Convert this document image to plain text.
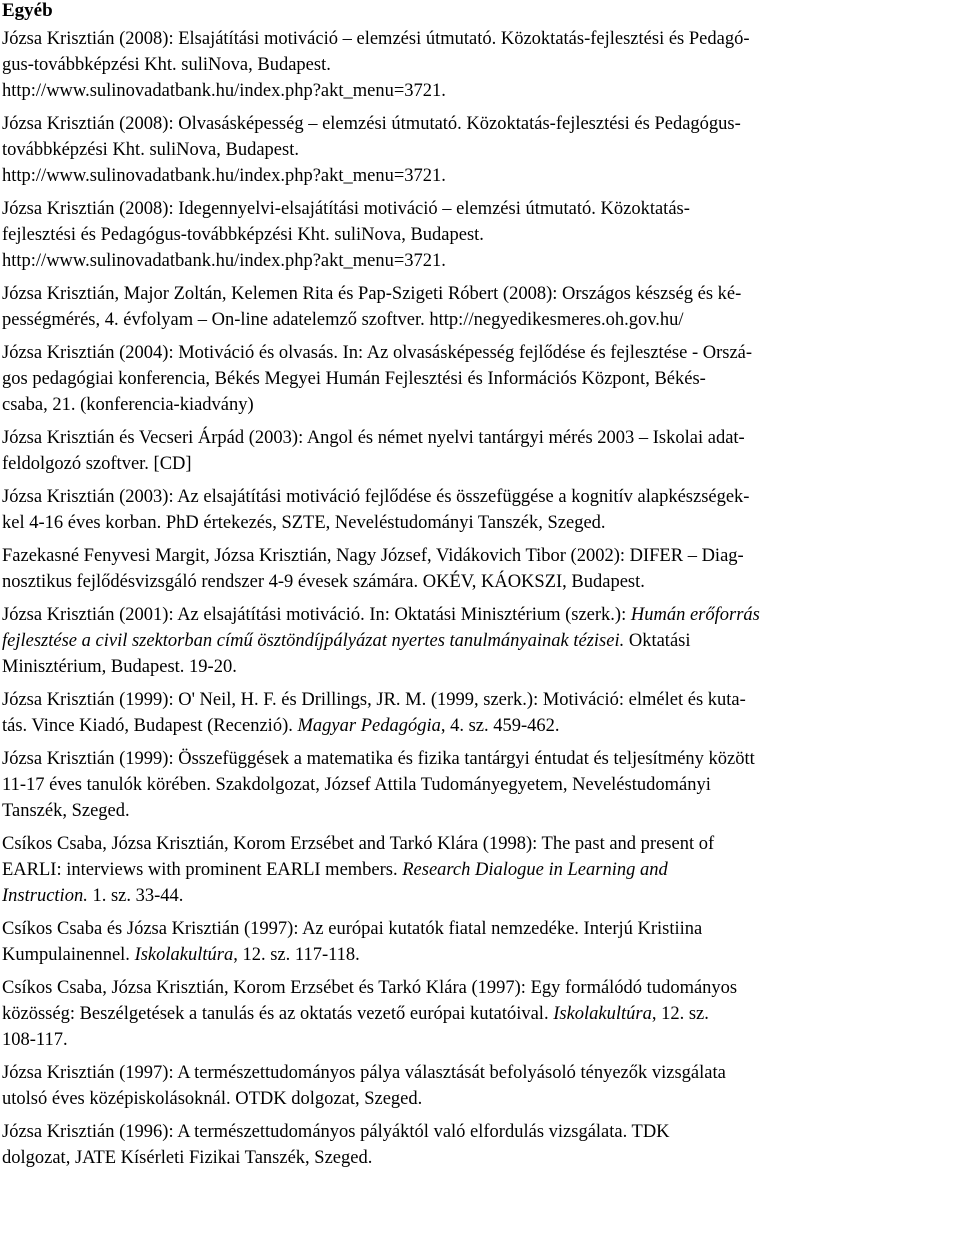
Egyéb

Józsa Krisztián (2008): Elsajátítási motiváció – elemzési útmutató. Közoktatás-fejlesztési és Pedagó-
gus-továbbképzési Kht. suliNova, Budapest.
http://www.sulinovadatbank.hu/index.php?akt_menu=3721.

Józsa Krisztián (2008): Olvasásképesség – elemzési útmutató. Közoktatás-fejlesztési és Pedagógus-
továbbképzési Kht. suliNova, Budapest.
http://www.sulinovadatbank.hu/index.php?akt_menu=3721.

Józsa Krisztián (2008): Idegennyelvi-elsajátítási motiváció – elemzési útmutató. Közoktatás-
fejlesztési és Pedagógus-továbbképzési Kht. suliNova, Budapest.
http://www.sulinovadatbank.hu/index.php?akt_menu=3721.

Józsa Krisztián, Major Zoltán, Kelemen Rita és Pap-Szigeti Róbert (2008): Országos készség és ké-
pességmérés, 4. évfolyam – On-line adatelemző szoftver. http://negyedikesmeres.oh.gov.hu/

Józsa Krisztián (2004): Motiváció és olvasás. In: Az olvasásképesség fejlődése és fejlesztése - Orszá-
gos pedagógiai konferencia, Békés Megyei Humán Fejlesztési és Információs Központ, Békés-
csaba, 21. (konferencia-kiadvány)

Józsa Krisztián és Vecseri Árpád (2003): Angol és német nyelvi tantárgyi mérés 2003 – Iskolai adat-
feldolgozó szoftver. [CD]

Józsa Krisztián (2003): Az elsajátítási motiváció fejlődése és összefüggése a kognitív alapkészségek-
kel 4-16 éves korban. PhD értekezés, SZTE, Neveléstudományi Tanszék, Szeged.

Fazekasné Fenyvesi Margit, Józsa Krisztián, Nagy József, Vidákovich Tibor (2002): DIFER – Diag-
nosztikus fejlődésvizsgáló rendszer 4-9 évesek számára. OKÉV, KÁOKSZI, Budapest.

Józsa Krisztián (2001): Az elsajátítási motiváció. In: Oktatási Minisztérium (szerk.): Humán erőforrás
fejlesztése a civil szektorban című ösztöndíjpályázat nyertes tanulmányainak tézisei. Oktatási
Minisztérium, Budapest. 19-20.

Józsa Krisztián (1999): O' Neil, H. F. és Drillings, JR. M. (1999, szerk.): Motiváció: elmélet és kuta-
tás. Vince Kiadó, Budapest (Recenzió). Magyar Pedagógia, 4. sz. 459-462.

Józsa Krisztián (1999): Összefüggések a matematika és fizika tantárgyi éntudat és teljesítmény között
11-17 éves tanulók körében. Szakdolgozat, József Attila Tudományegyetem, Neveléstudományi
Tanszék, Szeged.

Csíkos Csaba, Józsa Krisztián, Korom Erzsébet and Tarkó Klára (1998): The past and present of
EARLI: interviews with prominent EARLI members. Research Dialogue in Learning and
Instruction. 1. sz. 33-44.

Csíkos Csaba és Józsa Krisztián (1997): Az európai kutatók fiatal nemzedéke. Interjú Kristiina
Kumpulainennel. Iskolakultúra, 12. sz. 117-118.

Csíkos Csaba, Józsa Krisztián, Korom Erzsébet és Tarkó Klára (1997): Egy formálódó tudományos
közösség: Beszélgetések a tanulás és az oktatás vezető európai kutatóival. Iskolakultúra, 12. sz.
108-117.

Józsa Krisztián (1997): A természettudományos pálya választását befolyásoló tényezők vizsgálata
utolsó éves középiskolásoknál. OTDK dolgozat, Szeged.

Józsa Krisztián (1996): A természettudományos pályáktól való elfordulás vizsgálata. TDK
dolgozat, JATE Kísérleti Fizikai Tanszék, Szeged.
